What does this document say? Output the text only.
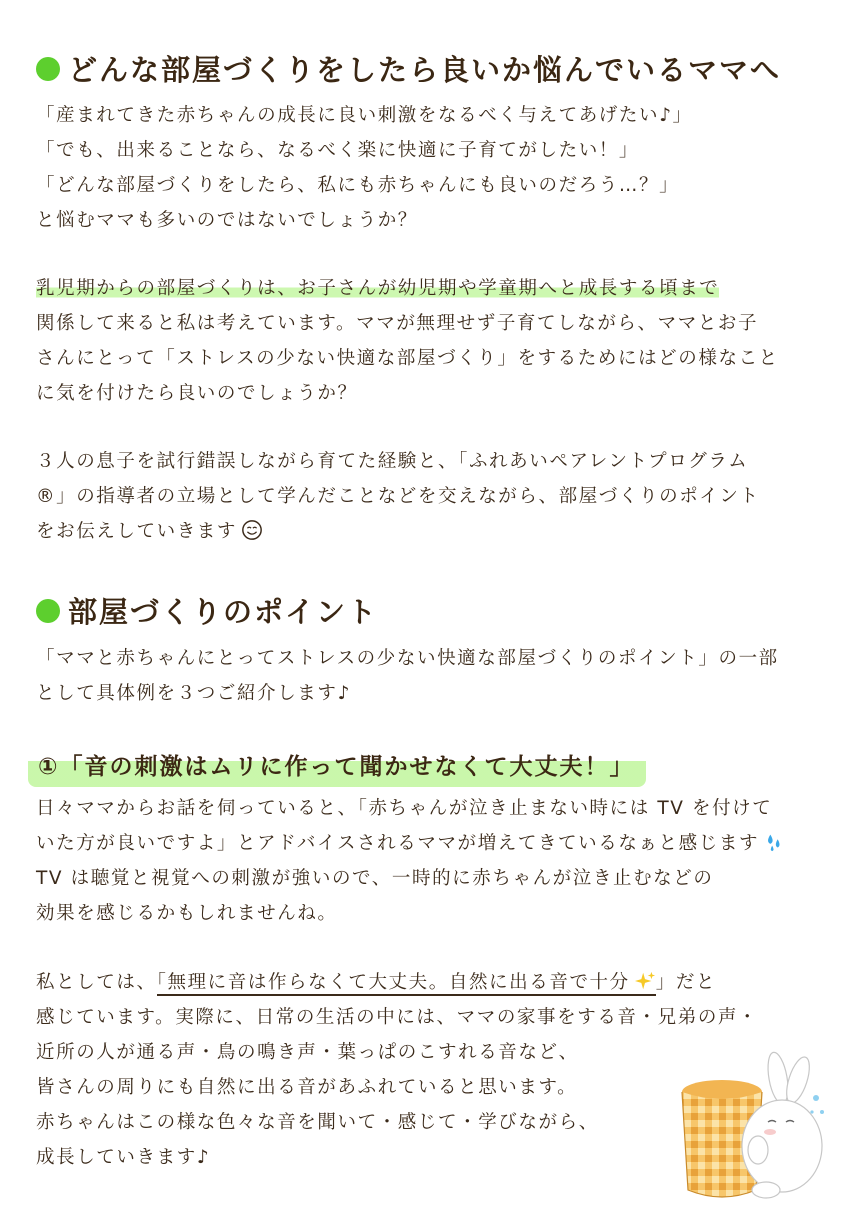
どんな部屋づくりをしたら良いか悩んでいるママへ
「産まれてきた赤ちゃんの成長に良い刺激をなるべく与えてあげたい♪」
「でも、出来ることなら、なるべく楽に快適に子育てがしたい！」
「どんな部屋づくりをしたら、私にも赤ちゃんにも良いのだろう…？」
と悩むママも多いのではないでしょうか？
乳児期からの部屋づくりは、お子さんが幼児期や学童期へと成長する頃まで
関係して来ると私は考えています。ママが無理せず子育てしながら、ママとお子
さんにとって「ストレスの少ない快適な部屋づくり」をするためにはどの様なこと
に気を付けたら良いのでしょうか？
３人の息子を試行錯誤しながら育てた経験と、「ふれあいペアレントプログラム
®」の指導者の立場として学んだことなどを交えながら、部屋づくりのポイント
をお伝えしていきます
部屋づくりのポイント
「ママと赤ちゃんにとってストレスの少ない快適な部屋づくりのポイント」の一部
として具体例を３つご紹介します♪
①「音の刺激はムリに作って聞かせなくて大丈夫！」
日々ママからお話を伺っていると、「赤ちゃんが泣き止まない時には TV を付けて
いた方が良いですよ」とアドバイスされるママが増えてきているなぁと感じます
TV は聴覚と視覚への刺激が強いので、一時的に赤ちゃんが泣き止むなどの
効果を感じるかもしれませんね。
私としては、「無理に音は作らなくて大丈夫。自然に出る音で十分 」だと
感じています。実際に、日常の生活の中には、ママの家事をする音・兄弟の声・
近所の人が通る声・鳥の鳴き声・葉っぱのこすれる音など、
皆さんの周りにも自然に出る音があふれていると思います。
赤ちゃんはこの様な色々な音を聞いて・感じて・学びながら、
成長していきます♪
